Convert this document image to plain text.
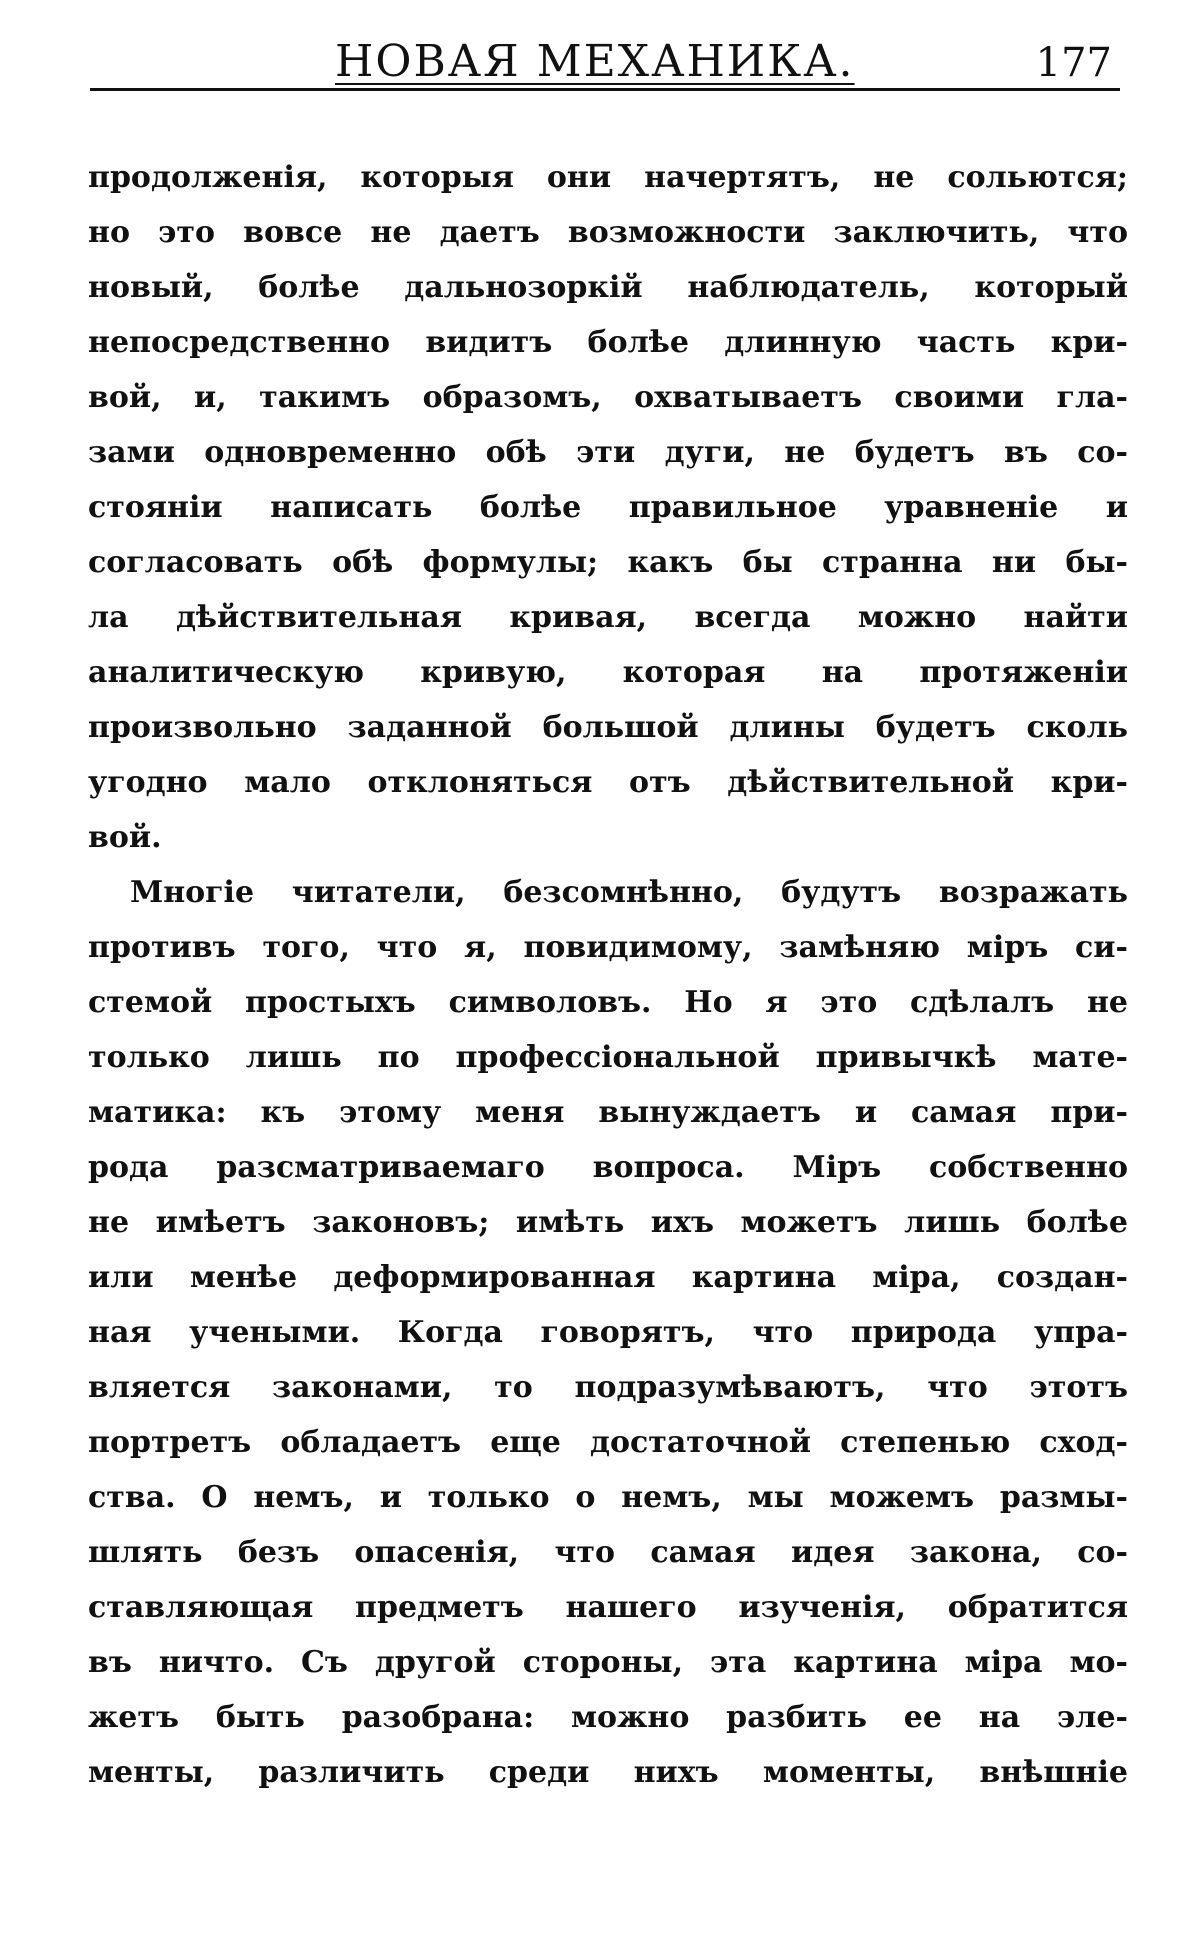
НОВАЯ МЕХАНИКА.	177
продолженія, которыя они начертятъ, не сольются;
но это вовсе не даетъ возможности заключить, что
новый, болѣе дальнозоркій наблюдатель, который
непосредственно видитъ болѣе длинную часть кри-
вой, и, такимъ образомъ, охватываетъ своими гла-
зами одновременно обѣ эти дуги, не будетъ въ со-
стояніи написать болѣе правильное уравненіе и
согласовать обѣ формулы; какъ бы странна ни бы-
ла дѣйствительная кривая, всегда можно найти
аналитическую кривую, которая на протяженіи
произвольно заданной большой длины будетъ сколь
угодно мало отклоняться отъ дѣйствительной кри-
вой.
Многіе читатели, безсомнѣнно, будутъ возражать
противъ того, что я, повидимому, замѣняю міръ си-
стемой простыхъ символовъ. Но я это сдѣлалъ не
только лишь по профессіональной привычкѣ мате-
матика: къ этому меня вынуждаетъ и самая при-
рода разсматриваемаго вопроса. Міръ собственно
не имѣетъ законовъ; имѣть ихъ можетъ лишь болѣе
или менѣе деформированная картина міра, создан-
ная учеными. Когда говорятъ, что природа упра-
вляется законами, то подразумѣваютъ, что этотъ
портретъ обладаетъ еще достаточной степенью сход-
ства. О немъ, и только о немъ, мы можемъ размы-
шлять безъ опасенія, что самая идея закона, со-
ставляющая предметъ нашего изученія, обратится
въ ничто. Съ другой стороны, эта картина міра мо-
жетъ быть разобрана: можно разбить ее на эле-
менты, различить среди нихъ моменты, внѣшніе
